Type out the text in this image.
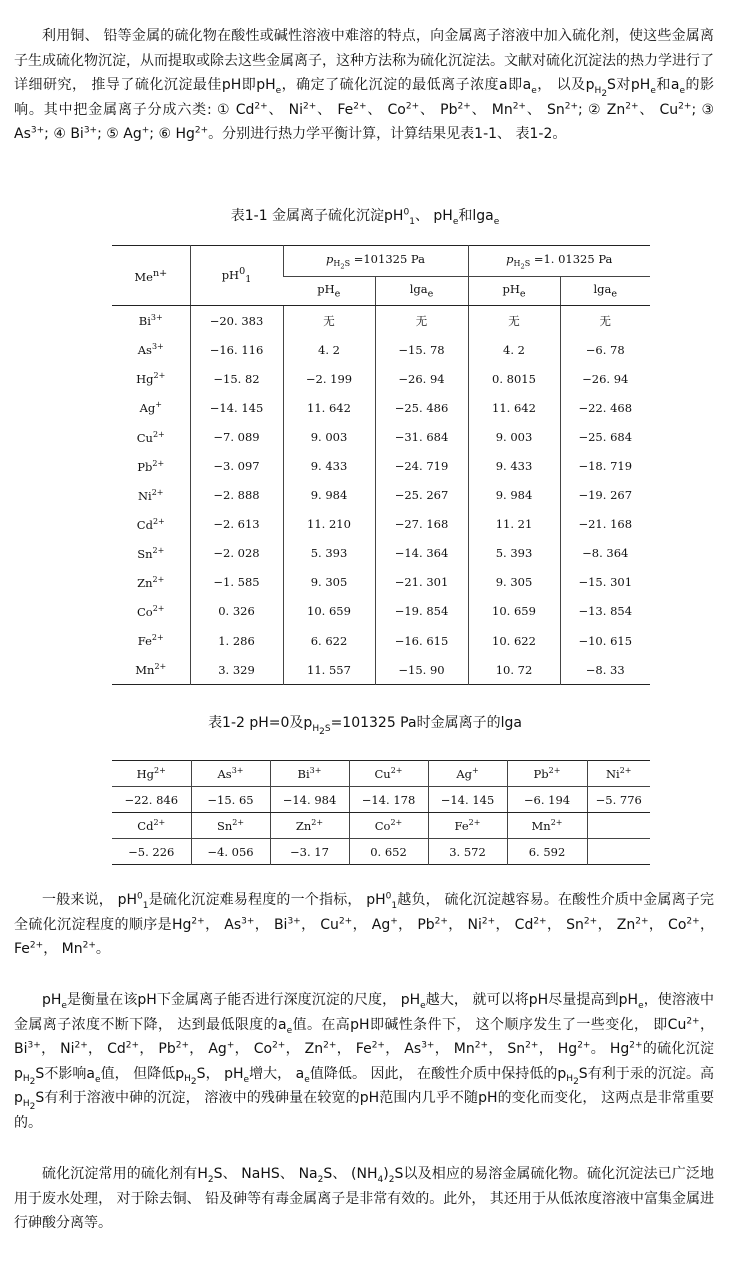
利用铜、 铅等金属的硫化物在酸性或碱性溶液中难溶的特点，向金属离子溶液中加入硫化剂，使这些金属离子生成硫化物沉淀，从而提取或除去这些金属离子，这种方法称为硫化沉淀法。文献对硫化沉淀法的热力学进行了详细研究， 推导了硫化沉淀最佳pH即$pH_e$，确定了硫化沉淀的最低离子浓度a即$a_e$， 以及$p_{H_2}S$对$pH_e$和$a_e$的影响。其中把金属离子分成六类: ① $Cd^{2+}$、 $Ni^{2+}$、 $Fe^{2+}$、 $Co^{2+}$、 $Pb^{2+}$、 $Mn^{2+}$、 $Sn^{2+}$; ② $Zn^{2+}$、 $Cu^{2+}$; ③ $As^{3+}$; ④ $Bi^{3+}$; ⑤ Ag+; ⑥ $Hg^{2+}$。分别进行热力学平衡计算，计算结果见表1-1、 表1-2。

表1-1 金属离子硫化沉淀$pH^0_1$、 $pH_e$和lga$_e$

$Me^{n+}$	$pH^0_1$	$p_{H_2S} =101325$ Pa		$p_{H_2S} =1$. 01325 Pa	
		$pH_e$	lga$_e$	$pH_e$	lga$_e$
$Bi^{3+}$	−20. 383	无	无	无	无
$As^{3+}$	−16. 116	4. 2	−15. 78	4. 2	−6. 78
$Hg^{2+}$	−15. 82	−2. 199	−26. 94	0. 8015	−26. 94
Ag+	−14. 145	11. 642	−25. 486	11. 642	−22. 468
$Cu^{2+}$	−7. 089	9. 003	−31. 684	9. 003	−25. 684
$Pb^{2+}$	−3. 097	9. 433	−24. 719	9. 433	−18. 719
$Ni^{2+}$	−2. 888	9. 984	−25. 267	9. 984	−19. 267
$Cd^{2+}$	−2. 613	11. 210	−27. 168	11. 21	−21. 168
$Sn^{2+}$	−2. 028	5. 393	−14. 364	5. 393	−8. 364
$Zn^{2+}$	−1. 585	9. 305	−21. 301	9. 305	−15. 301
$Co^{2+}$	0. 326	10. 659	−19. 854	10. 659	−13. 854
$Fe^{2+}$	1. 286	6. 622	−16. 615	10. 622	−10. 615
$Mn^{2+}$	3. 329	11. 557	−15. 90	10. 72	−8. 33

表1-2 pH=0及$p_{H_2S}=101325$ Pa时金属离子的lga

$Hg^{2+}$	$As^{3+}$	$Bi^{3+}$	$Cu^{2+}$	Ag+	$Pb^{2+}$	$Ni^{2+}$
−22. 846	−15. 65	−14. 984	−14. 178	−14. 145	−6. 194	−5. 776
$Cd^{2+}$	$Sn^{2+}$	$Zn^{2+}$	$Co^{2+}$	$Fe^{2+}$	$Mn^{2+}$	
−5. 226	−4. 056	−3. 17	0. 652	3. 572	6. 592	

一般来说， $pH^0_1$是硫化沉淀难易程度的一个指标， $pH^0_1$越负， 硫化沉淀越容易。在酸性介质中金属离子完全硫化沉淀程度的顺序是$Hg^{2+}$， $As^{3+}$， $Bi^{3+}$， $Cu^{2+}$， Ag+， $Pb^{2+}$， $Ni^{2+}$， $Cd^{2+}$， $Sn^{2+}$， $Zn^{2+}$， $Co^{2+}$， $Fe^{2+}$， $Mn^{2+}$。

$pH_e$是衡量在该pH下金属离子能否进行深度沉淀的尺度， $pH_e$越大， 就可以将pH尽量提高到$pH_e$，使溶液中金属离子浓度不断下降， 达到最低限度的$a_e$值。在高pH即碱性条件下， 这个顺序发生了一些变化， 即$Cu^{2+}$， $Bi^{3+}$， $Ni^{2+}$， $Cd^{2+}$， $Pb^{2+}$， Ag+， $Co^{2+}$， $Zn^{2+}$， $Fe^{2+}$， $As^{3+}$， $Mn^{2+}$， $Sn^{2+}$， $Hg^{2+}$。 $Hg^{2+}$的硫化沉淀$p_{H_2}S$不影响$a_e$值， 但降低$p_{H_2}S$， $pH_e$增大， $a_e$值降低。 因此， 在酸性介质中保持低的$p_{H_2}S$有利于汞的沉淀。高$p_{H_2}S$有利于溶液中砷的沉淀， 溶液中的残砷量在较宽的pH范围内几乎不随pH的变化而变化， 这两点是非常重要的。

硫化沉淀常用的硫化剂有$H_2S$、 NaHS、 $Na_2S$、 $(NH_4)_2S$以及相应的易溶金属硫化物。硫化沉淀法已广泛地用于废水处理， 对于除去铜、 铅及砷等有毒金属离子是非常有效的。此外， 其还用于从低浓度溶液中富集金属进行砷酸分离等。
